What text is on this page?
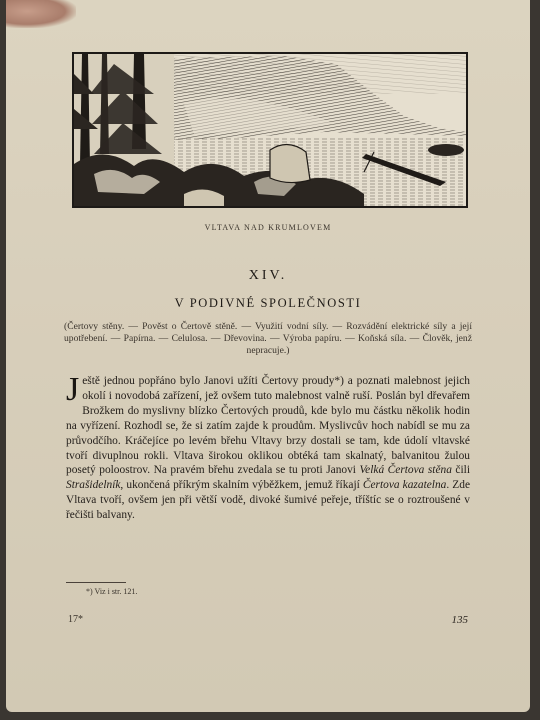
VLTAVA NAD KRUMLOVEM
XIV.
V PODIVNÉ SPOLEČNOSTI
(Čertovy stěny. — Pověst o Čertově stěně. — Využití vodní síly. — Rozvádění elektrické síly a její upotřebení. — Papírna. — Celulosa. — Dřevovina. — Výroba papíru. — Koňská síla. — Člověk, jenž nepracuje.)
Ještě jednou popřáno bylo Janovi užíti Čertovy proudy*) a poznati malebnost jejich okolí i novodobá zařízení, jež ovšem tuto malebnost valně ruší. Poslán byl dřevařem Brožkem do myslivny blízko Čertových proudů, kde bylo mu částku několik hodin na vyřízení. Rozhodl se, že si zatím zajde k proudům. Myslivcův hoch nabídl se mu za průvodčího. Kráčejíce po levém břehu Vltavy brzy dostali se tam, kde údolí vltavské tvoří divuplnou rokli. Vltava širokou oklikou obtéká tam skalnatý, balvanitou žulou posetý poloostrov. Na pravém břehu zvedala se tu proti Janovi Velká Čertova stěna čili Strašidelník, ukončená příkrým skalním výběžkem, jemuž říkají Čertova kazatelna. Zde Vltava tvoří, ovšem jen při větší vodě, divoké šumivé peřeje, tříštíc se o roztroušené v řečišti balvany.
*) Viz i str. 121.
17*	135
